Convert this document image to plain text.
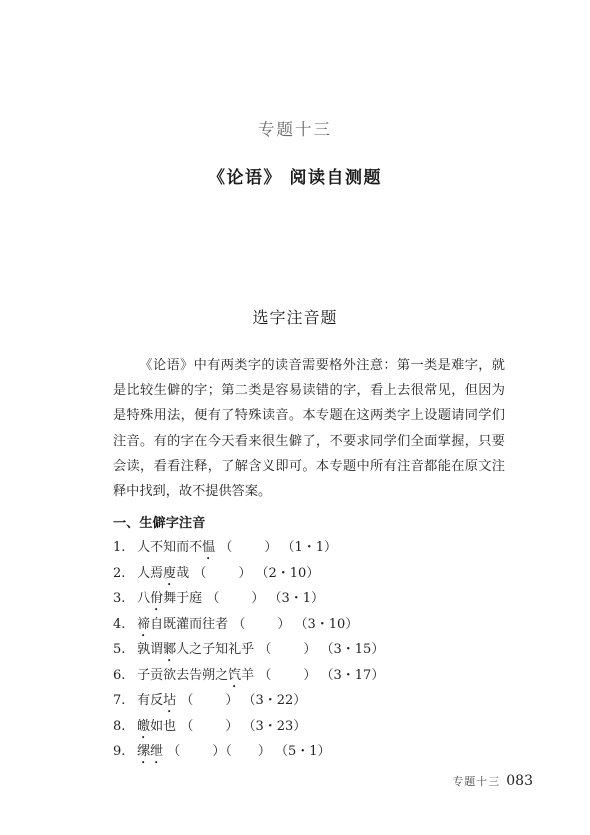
专题十三
《论语》 阅读自测题
选字注音题

《论语》中有两类字的读音需要格外注意：第一类是难字，就是比较生僻的字；第二类是容易读错的字，看上去很常见，但因为是特殊用法，便有了特殊读音。本专题在这两类字上设题请同学们注音。有的字在今天看来很生僻了，不要求同学们全面掌握，只要会读，看看注释，了解含义即可。本专题中所有注音都能在原文注释中找到，故不提供答案。

一、生僻字注音
1. 人不知而不愠 （ ） （1・1）
2. 人焉廋哉 （ ） （2・10）
3. 八佾舞于庭 （ ） （3・1）
4. 禘自既灌而往者 （ ） （3・10）
5. 孰谓鄹人之子知礼乎 （ ） （3・15）
6. 子贡欲去告朔之饩羊 （ ） （3・17）
7. 有反坫 （ ） （3・22）
8. 皦如也 （ ） （3・23）
9. 缧绁 （ ）（　　） （5・1）
专题十三 083
